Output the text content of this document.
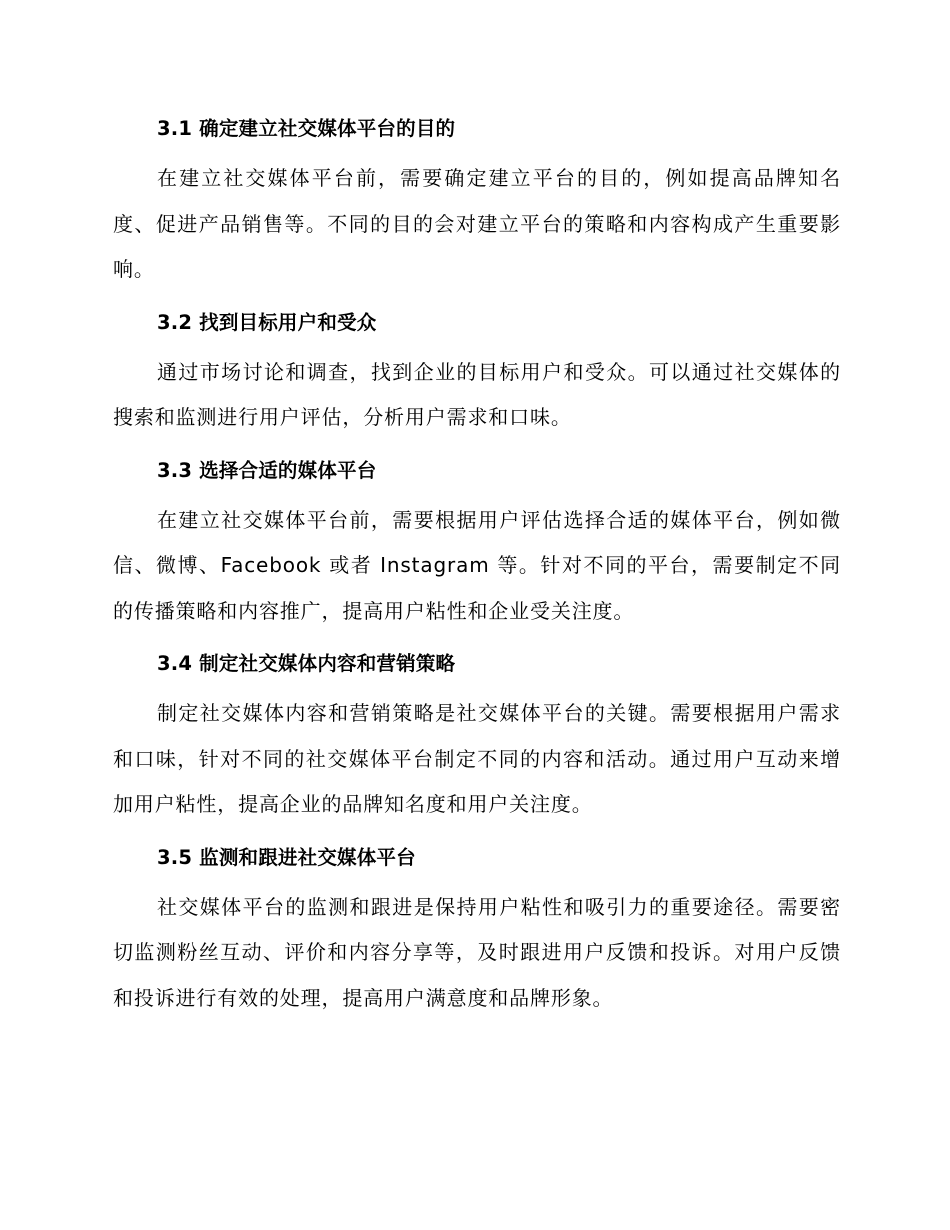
3.1 确定建立社交媒体平台的目的

在建立社交媒体平台前，需要确定建立平台的目的，例如提高品牌知名度、促进产品销售等。不同的目的会对建立平台的策略和内容构成产生重要影响。

3.2 找到目标用户和受众

通过市场讨论和调查，找到企业的目标用户和受众。可以通过社交媒体的搜索和监测进行用户评估，分析用户需求和口味。

3.3 选择合适的媒体平台

在建立社交媒体平台前，需要根据用户评估选择合适的媒体平台，例如微信、微博、Facebook 或者 Instagram 等。针对不同的平台，需要制定不同的传播策略和内容推广，提高用户粘性和企业受关注度。

3.4 制定社交媒体内容和营销策略

制定社交媒体内容和营销策略是社交媒体平台的关键。需要根据用户需求和口味，针对不同的社交媒体平台制定不同的内容和活动。通过用户互动来增加用户粘性，提高企业的品牌知名度和用户关注度。

3.5 监测和跟进社交媒体平台

社交媒体平台的监测和跟进是保持用户粘性和吸引力的重要途径。需要密切监测粉丝互动、评价和内容分享等，及时跟进用户反馈和投诉。对用户反馈和投诉进行有效的处理，提高用户满意度和品牌形象。
